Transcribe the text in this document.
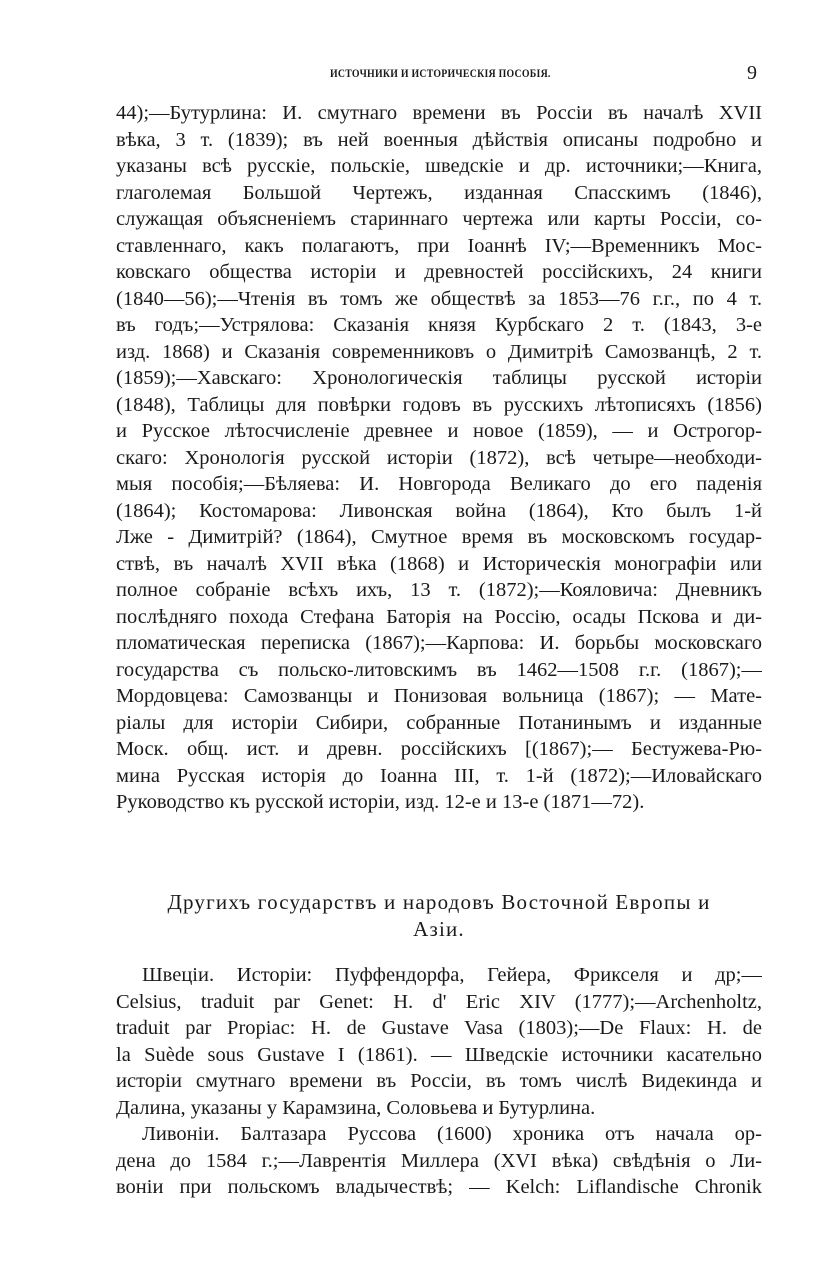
ИСТОЧНИКИ И ИСТОРИЧЕСКІЯ ПОСОБІЯ.	9
44);—Бутурлина: И. смутнаго времени въ Россіи въ началѣ XVII
вѣка, 3 т. (1839); въ ней военныя дѣйствія описаны подробно и
указаны всѣ русскіе, польскіе, шведскіе и др. источники;—Книга,
глаголемая Большой Чертежъ, изданная Спасскимъ (1846),
служащая объясненіемъ стариннаго чертежа или карты Россіи, со-
ставленнаго, какъ полагаютъ, при Іоаннѣ IV;—Временникъ Мос-
ковскаго общества исторіи и древностей россійскихъ, 24 книги
(1840—56);—Чтенія въ томъ же обществѣ за 1853—76 г.г., по 4 т.
въ годъ;—Устрялова: Сказанія князя Курбскаго 2 т. (1843, 3-е
изд. 1868) и Сказанія современниковъ о Димитріѣ Самозванцѣ, 2 т.
(1859);—Хавскаго: Хронологическія таблицы русской исторіи
(1848), Таблицы для повѣрки годовъ въ русскихъ лѣтописяхъ (1856)
и Русское лѣтосчисленіе древнее и новое (1859), — и Острогор-
скаго: Хронологія русской исторіи (1872), всѣ четыре—необходи-
мыя пособія;—Бѣляева: И. Новгорода Великаго до его паденія
(1864); Костомарова: Ливонская война (1864), Кто былъ 1-й
Лже - Димитрій? (1864), Смутное время въ московскомъ государ-
ствѣ, въ началѣ XVII вѣка (1868) и Историческія монографіи или
полное собраніе всѣхъ ихъ, 13 т. (1872);—Кояловича: Дневникъ
послѣдняго похода Стефана Баторія на Россію, осады Пскова и ди-
пломатическая переписка (1867);—Карпова: И. борьбы московскаго
государства съ польско-литовскимъ въ 1462—1508 г.г. (1867);—
Мордовцева: Самозванцы и Понизовая вольница (1867); — Мате-
ріалы для исторіи Сибири, собранные Потанинымъ и изданные
Моск. общ. ист. и древн. россійскихъ [(1867);— Бестужева-Рю-
мина Русская исторія до Іоанна III, т. 1-й (1872);—Иловайскаго
Руководство къ русской исторіи, изд. 12-е и 13-е (1871—72).
Другихъ государствъ и народовъ Восточной Европы и
Азіи.
Швеціи. Исторіи: Пуффендорфа, Гейера, Фрикселя и др;—
Celsius, traduit par Genet: H. d' Eric XIV (1777);—Archenholtz,
traduit par Propiac: H. de Gustave Vasa (1803);—De Flaux: H. de
la Suède sous Gustave I (1861). — Шведскіе источники касательно
исторіи смутнаго времени въ Россіи, въ томъ числѣ Видекинда и
Далина, указаны у Карамзина, Соловьева и Бутурлина.
Ливоніи. Балтазара Руссова (1600) хроника отъ начала ор-
дена до 1584 г.;—Лаврентія Миллера (XVI вѣка) свѣдѣнія о Ли-
воніи при польскомъ владычествѣ; — Kelch: Liflandische Chronik
